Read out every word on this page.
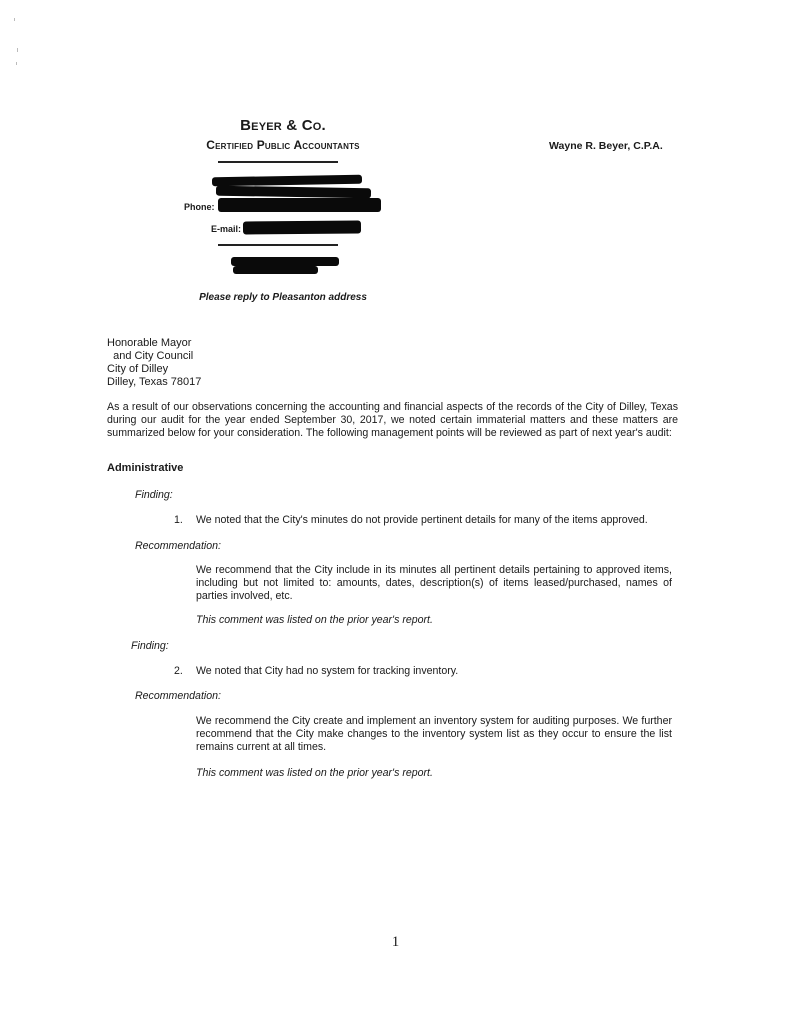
Beyer & Co.
Certified Public Accountants	Wayne R. Beyer, C.P.A.
Phone:
E-mail:
Please reply to Pleasanton address
Honorable Mayor
and City Council
City of Dilley
Dilley, Texas 78017
As a result of our observations concerning the accounting and financial aspects of the records of the City of Dilley, Texas during our audit for the year ended September 30, 2017, we noted certain immaterial matters and these matters are summarized below for your consideration. The following management points will be reviewed as part of next year's audit:
Administrative
Finding:
1. We noted that the City's minutes do not provide pertinent details for many of the items approved.
Recommendation:
We recommend that the City include in its minutes all pertinent details pertaining to approved items, including but not limited to: amounts, dates, description(s) of items leased/purchased, names of parties involved, etc.
This comment was listed on the prior year's report.
Finding:
2. We noted that City had no system for tracking inventory.
Recommendation:
We recommend the City create and implement an inventory system for auditing purposes. We further recommend that the City make changes to the inventory system list as they occur to ensure the list remains current at all times.
This comment was listed on the prior year's report.
1
